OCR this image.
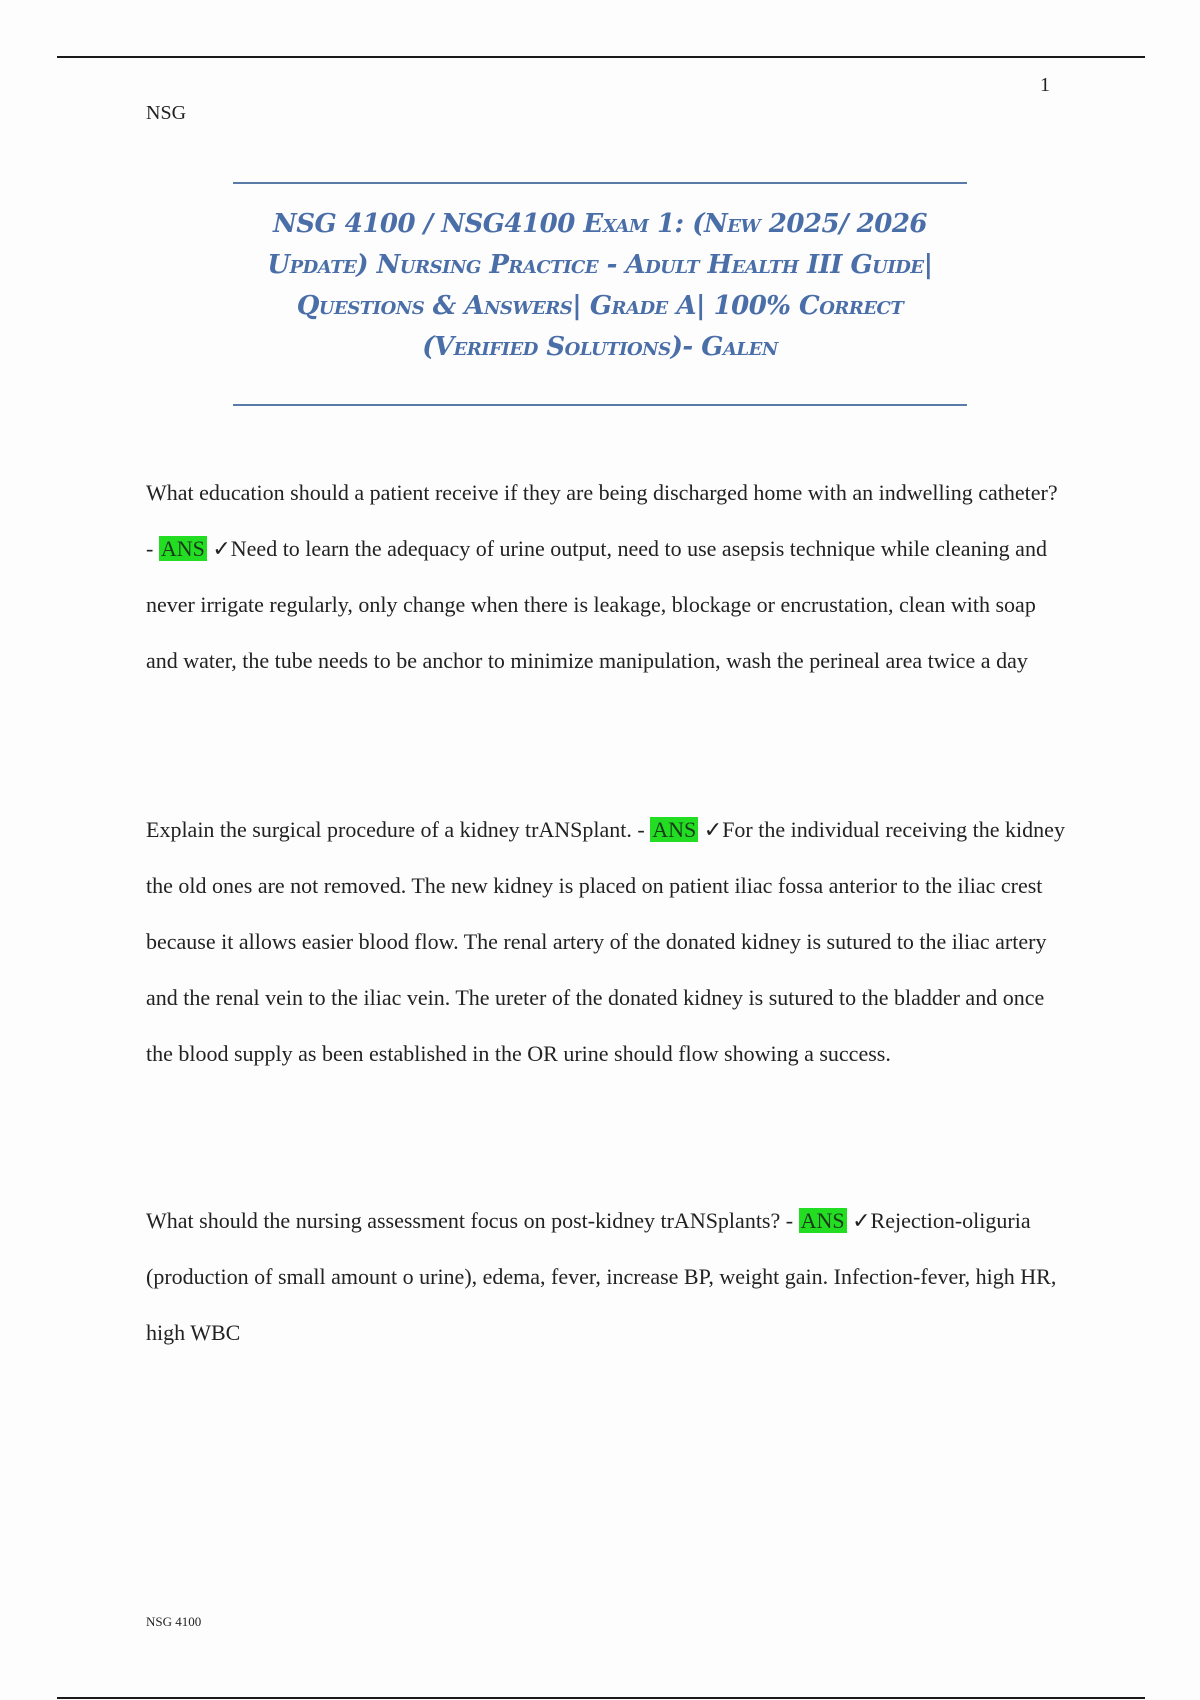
1
NSG

NSG 4100 / NSG4100 Exam 1: (New 2025/ 2026
Update) Nursing Practice - Adult Health III Guide|
Questions & Answers| Grade A| 100% Correct
(Verified Solutions)- Galen

What education should a patient receive if they are being discharged home with an indwelling catheter? - ANS ✓Need to learn the adequacy of urine output, need to use asepsis technique while cleaning and never irrigate regularly, only change when there is leakage, blockage or encrustation, clean with soap and water, the tube needs to be anchor to minimize manipulation, wash the perineal area twice a day

Explain the surgical procedure of a kidney trANSplant. - ANS ✓For the individual receiving the kidney the old ones are not removed. The new kidney is placed on patient iliac fossa anterior to the iliac crest because it allows easier blood flow. The renal artery of the donated kidney is sutured to the iliac artery and the renal vein to the iliac vein. The ureter of the donated kidney is sutured to the bladder and once the blood supply as been established in the OR urine should flow showing a success.

What should the nursing assessment focus on post-kidney trANSplants? - ANS ✓Rejection-oliguria (production of small amount o urine), edema, fever, increase BP, weight gain. Infection-fever, high HR, high WBC

NSG 4100
